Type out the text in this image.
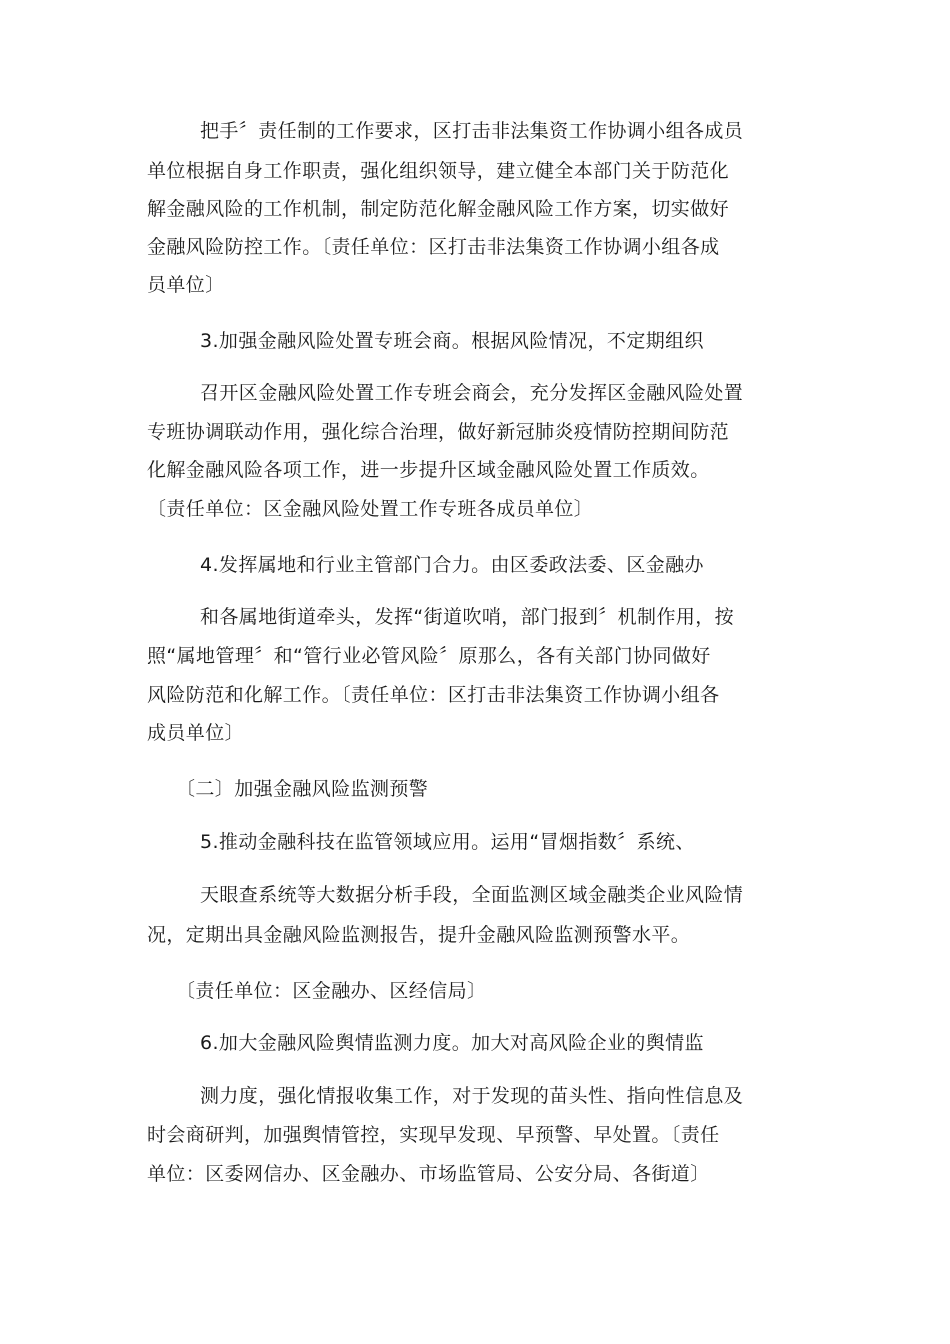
把手〞责任制的工作要求，区打击非法集资工作协调小组各成员
单位根据自身工作职责，强化组织领导，建立健全本部门关于防范化
解金融风险的工作机制，制定防范化解金融风险工作方案，切实做好
金融风险防控工作。〔责任单位：区打击非法集资工作协调小组各成
员单位〕
3.加强金融风险处置专班会商。根据风险情况，不定期组织
召开区金融风险处置工作专班会商会，充分发挥区金融风险处置
专班协调联动作用，强化综合治理，做好新冠肺炎疫情防控期间防范
化解金融风险各项工作，进一步提升区域金融风险处置工作质效。
〔责任单位：区金融风险处置工作专班各成员单位〕
4.发挥属地和行业主管部门合力。由区委政法委、区金融办
和各属地街道牵头，发挥“街道吹哨，部门报到〞机制作用，按
照“属地管理〞和“管行业必管风险〞原那么，各有关部门协同做好
风险防范和化解工作。〔责任单位：区打击非法集资工作协调小组各
成员单位〕
〔二〕加强金融风险监测预警
5.推动金融科技在监管领域应用。运用“冒烟指数〞系统、
天眼查系统等大数据分析手段，全面监测区域金融类企业风险情
况，定期出具金融风险监测报告，提升金融风险监测预警水平。
〔责任单位：区金融办、区经信局〕
6.加大金融风险舆情监测力度。加大对高风险企业的舆情监
测力度，强化情报收集工作，对于发现的苗头性、指向性信息及
时会商研判，加强舆情管控，实现早发现、早预警、早处置。〔责任
单位：区委网信办、区金融办、市场监管局、公安分局、各街道〕
